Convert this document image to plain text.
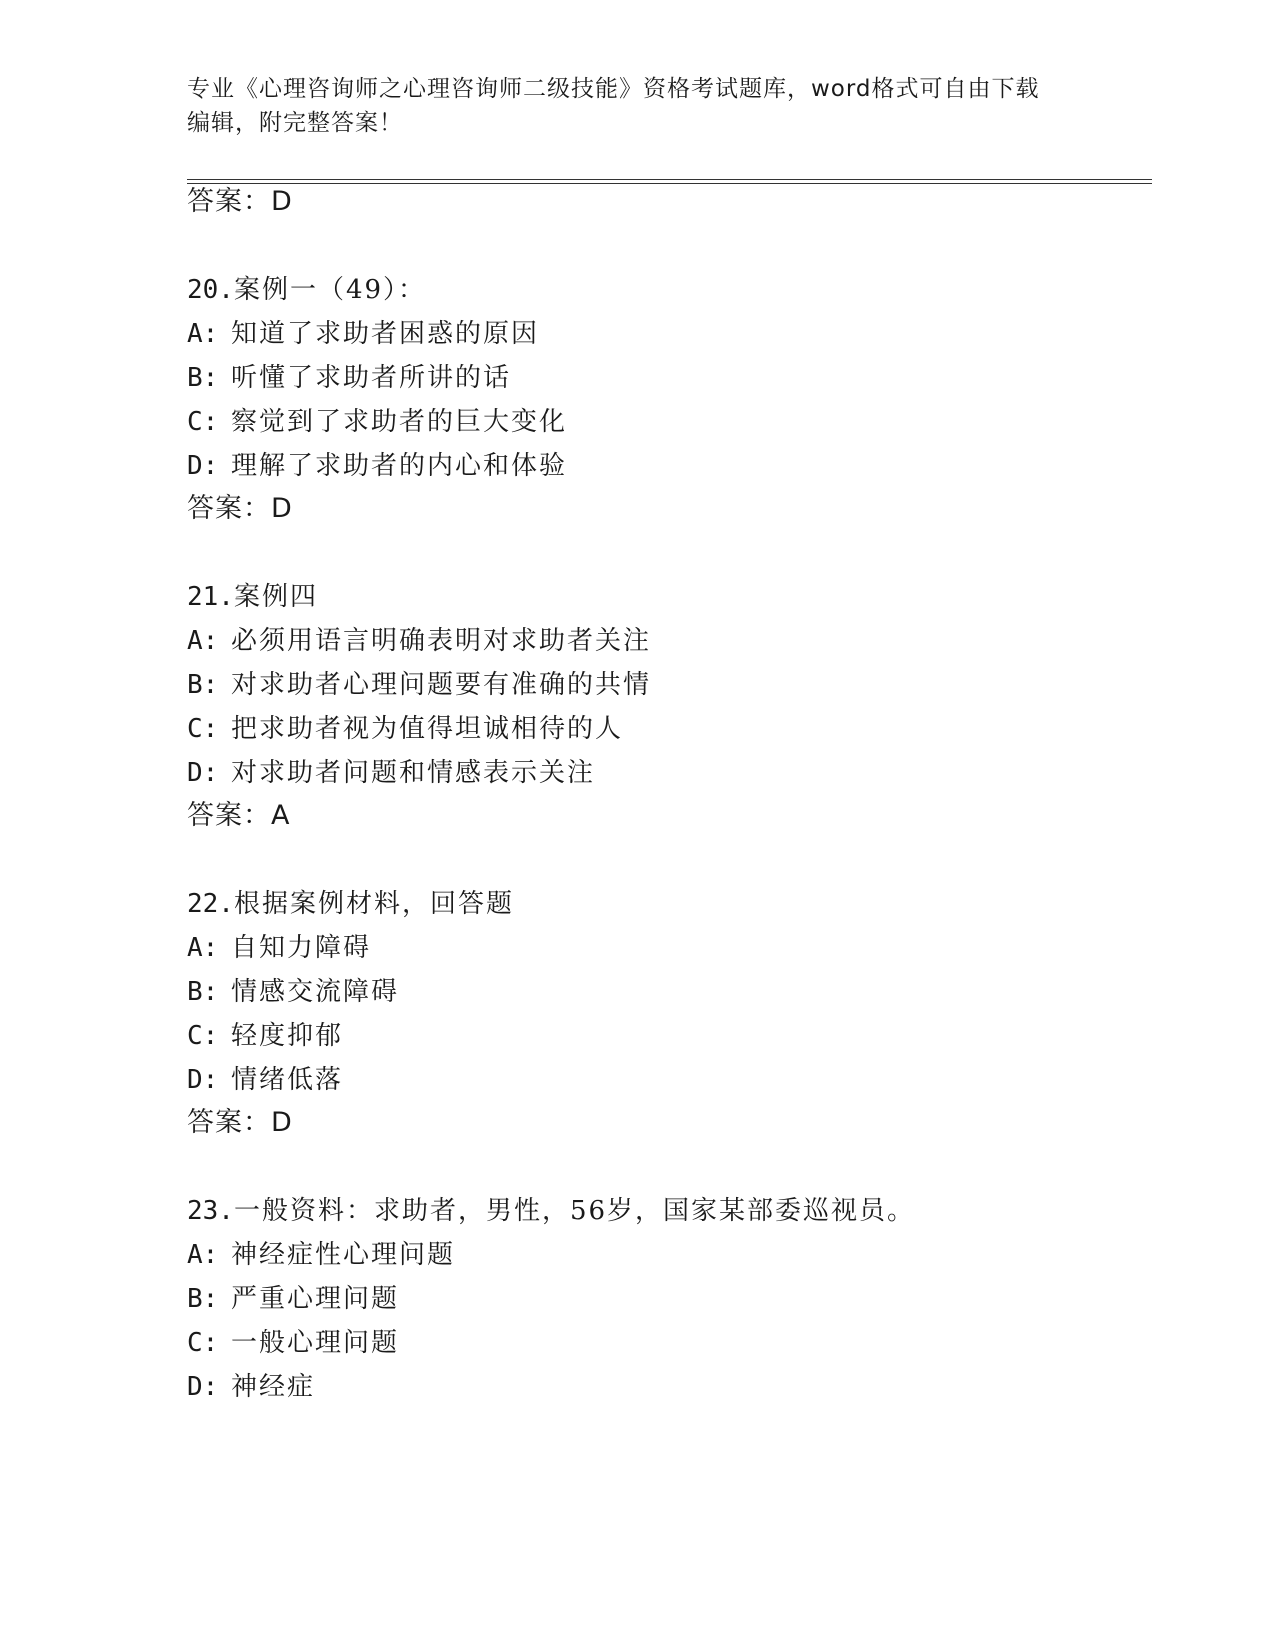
专业《心理咨询师之心理咨询师二级技能》资格考试题库，word格式可自由下载
编辑，附完整答案！
答案：D
20.案例一（49）：
A: 知道了求助者困惑的原因
B: 听懂了求助者所讲的话
C: 察觉到了求助者的巨大变化
D: 理解了求助者的内心和体验
答案：D
21.案例四
A: 必须用语言明确表明对求助者关注
B: 对求助者心理问题要有准确的共情
C: 把求助者视为值得坦诚相待的人
D: 对求助者问题和情感表示关注
答案：A
22.根据案例材料，回答题
A: 自知力障碍
B: 情感交流障碍
C: 轻度抑郁
D: 情绪低落
答案：D
23.一般资料：求助者，男性，56岁，国家某部委巡视员。
A: 神经症性心理问题
B: 严重心理问题
C: 一般心理问题
D: 神经症
